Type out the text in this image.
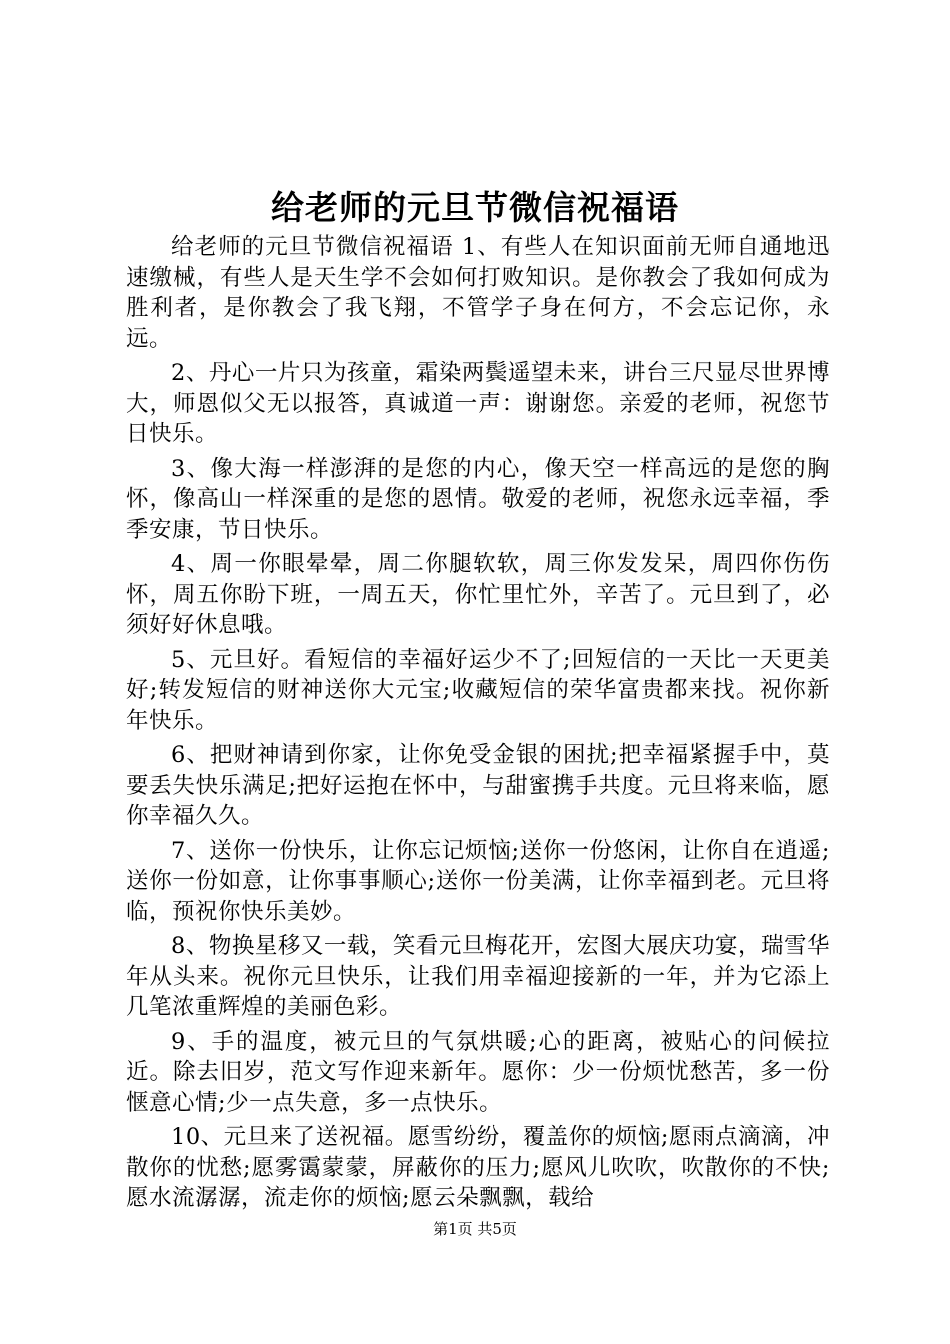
给老师的元旦节微信祝福语

给老师的元旦节微信祝福语 1、有些人在知识面前无师自通地迅速缴械，有些人是天生学不会如何打败知识。是你教会了我如何成为胜利者，是你教会了我飞翔，不管学子身在何方，不会忘记你，永远。

2、丹心一片只为孩童，霜染两鬓遥望未来，讲台三尺显尽世界博大，师恩似父无以报答，真诚道一声：谢谢您。亲爱的老师，祝您节日快乐。

3、像大海一样澎湃的是您的内心，像天空一样高远的是您的胸怀，像高山一样深重的是您的恩情。敬爱的老师，祝您永远幸福，季季安康，节日快乐。

4、周一你眼晕晕，周二你腿软软，周三你发发呆，周四你伤伤怀，周五你盼下班，一周五天，你忙里忙外，辛苦了。元旦到了，必须好好休息哦。

5、元旦好。看短信的幸福好运少不了;回短信的一天比一天更美好;转发短信的财神送你大元宝;收藏短信的荣华富贵都来找。祝你新年快乐。

6、把财神请到你家，让你免受金银的困扰;把幸福紧握手中，莫要丢失快乐满足;把好运抱在怀中，与甜蜜携手共度。元旦将来临，愿你幸福久久。

7、送你一份快乐，让你忘记烦恼;送你一份悠闲，让你自在逍遥;送你一份如意，让你事事顺心;送你一份美满，让你幸福到老。元旦将临，预祝你快乐美妙。

8、物换星移又一载，笑看元旦梅花开，宏图大展庆功宴，瑞雪华年从头来。祝你元旦快乐，让我们用幸福迎接新的一年，并为它添上几笔浓重辉煌的美丽色彩。

9、手的温度，被元旦的气氛烘暖;心的距离，被贴心的问候拉近。除去旧岁，范文写作迎来新年。愿你：少一份烦忧愁苦，多一份惬意心情;少一点失意，多一点快乐。

10、元旦来了送祝福。愿雪纷纷，覆盖你的烦恼;愿雨点滴滴，冲散你的忧愁;愿雾霭蒙蒙，屏蔽你的压力;愿风儿吹吹，吹散你的不快;愿水流潺潺，流走你的烦恼;愿云朵飘飘，载给

第1页 共5页
